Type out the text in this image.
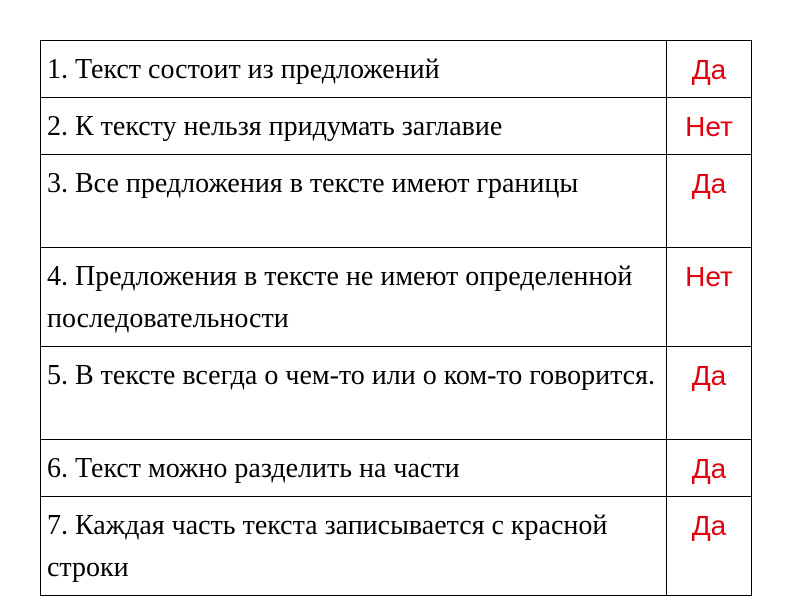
1. Текст состоит из предложений	Да
2. К тексту нельзя придумать заглавие	Нет
3. Все предложения в тексте имеют границы	Да
4. Предложения в тексте не имеют определенной последовательности	Нет
5. В тексте всегда о чем-то или о ком-то говорится.	Да
6. Текст можно разделить на части	Да
7. Каждая часть текста записывается с красной строки	Да
